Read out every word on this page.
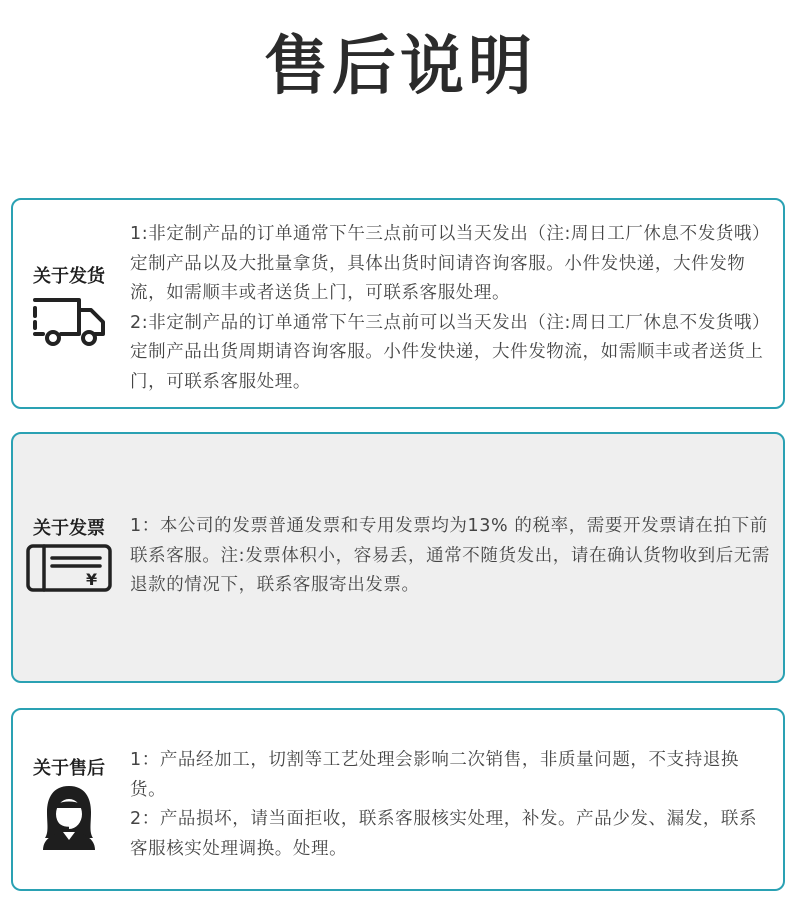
售后说明
关于发货

1:非定制产品的订单通常下午三点前可以当天发出（注:周日工厂休息不发货哦）定制产品以及大批量拿货，具体出货时间请咨询客服。小件发快递，大件发物流，如需顺丰或者送货上门，可联系客服处理。

2:非定制产品的订单通常下午三点前可以当天发出（注:周日工厂休息不发货哦）定制产品出货周期请咨询客服。小件发快递，大件发物流，如需顺丰或者送货上门，可联系客服处理。

关于发票
¥

1：本公司的发票普通发票和专用发票均为13% 的税率，需要开发票请在拍下前联系客服。注:发票体积小，容易丢，通常不随货发出，请在确认货物收到后无需退款的情况下，联系客服寄出发票。

关于售后	1：产品经加工，切割等工艺处理会影响二次销售，非质量问题，不支持退换货。

2：产品损坏，请当面拒收，联系客服核实处理，补发。产品少发、漏发，联系客服核实处理调换。处理。
